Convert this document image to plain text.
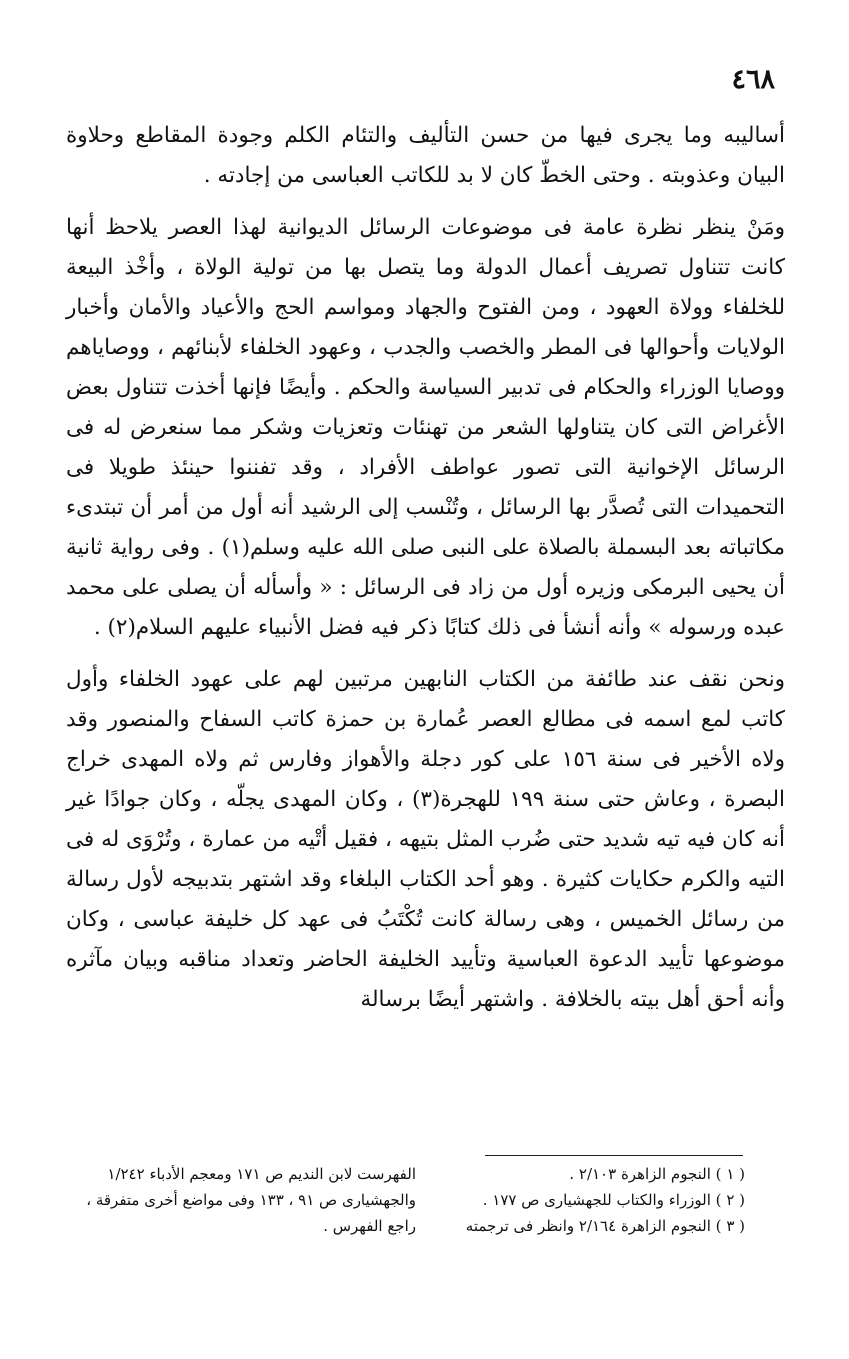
٤٦٨

أساليبه وما يجرى فيها من حسن التأليف والتئام الكلم وجودة المقاطع وحلاوة البيان وعذوبته . وحتى الخطّ كان لا بد للكاتب العباسى من إجادته .

ومَنْ ينظر نظرة عامة فى موضوعات الرسائل الديوانية لهذا العصر يلاحظ أنها كانت تتناول تصريف أعمال الدولة وما يتصل بها من تولية الولاة ، وأخْذ البيعة للخلفاء وولاة العهود ، ومن الفتوح والجهاد ومواسم الحج والأعياد والأمان وأخبار الولايات وأحوالها فى المطر والخصب والجدب ، وعهود الخلفاء لأبنائهم ، ووصاياهم ووصايا الوزراء والحكام فى تدبير السياسة والحكم . وأيضًا فإنها أخذت تتناول بعض الأغراض التى كان يتناولها الشعر من تهنئات وتعزيات وشكر مما سنعرض له فى الرسائل الإخوانية التى تصور عواطف الأفراد ، وقد تفننوا حينئذ طويلا فى التحميدات التى تُصدَّر بها الرسائل ، وتُنْسب إلى الرشيد أنه أول من أمر أن تبتدىء مكاتباته بعد البسملة بالصلاة على النبى صلى الله عليه وسلم(١) . وفى رواية ثانية أن يحيى البرمكى وزيره أول من زاد فى الرسائل : « وأسأله أن يصلى على محمد عبده ورسوله » وأنه أنشأ فى ذلك كتابًا ذكر فيه فضل الأنبياء عليهم السلام(٢) .

ونحن نقف عند طائفة من الكتاب النابهين مرتبين لهم على عهود الخلفاء وأول كاتب لمع اسمه فى مطالع العصر عُمارة بن حمزة كاتب السفاح والمنصور وقد ولاه الأخير فى سنة ١٥٦ على كور دجلة والأهواز وفارس ثم ولاه المهدى خراج البصرة ، وعاش حتى سنة ١٩٩ للهجرة(٣) ، وكان المهدى يجلّه ، وكان جوادًا غير أنه كان فيه تيه شديد حتى ضُرب المثل بتيهه ، فقيل أتْيه من عمارة ، وتُرْوَى له فى التيه والكرم حكايات كثيرة . وهو أحد الكتاب البلغاء وقد اشتهر بتدبيجه لأول رسالة من رسائل الخميس ، وهى رسالة كانت تُكْتَبُ فى عهد كل خليفة عباسى ، وكان موضوعها تأييد الدعوة العباسية وتأييد الخليفة الحاضر وتعداد مناقبه وبيان مآثره وأنه أحق أهل بيته بالخلافة . واشتهر أيضًا برسالة

( ١ ) النجوم الزاهرة ٢/١٠٣ .
( ٢ ) الوزراء والكتاب للجهشيارى ص ١٧٧ .
( ٣ ) النجوم الزاهرة ٢/١٦٤ وانظر فى ترجمته
الفهرست لابن النديم ص ١٧١ ومعجم الأدباء ١/٢٤٢ والجهشيارى ص ٩١ ، ١٣٣ وفى مواضع أخرى متفرقة ، راجع الفهرس .
